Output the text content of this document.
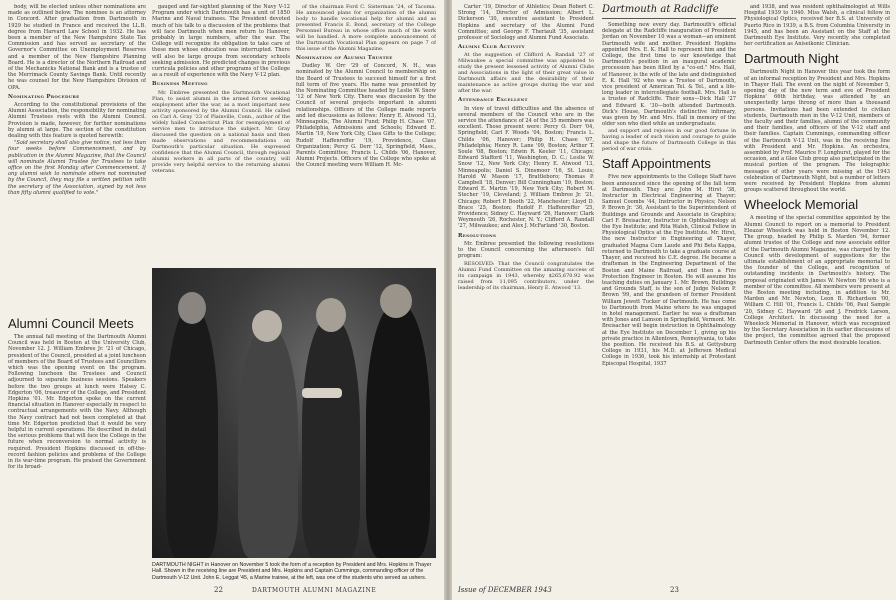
body, will be elected unless other nominations are made as outlined below. The nominee is an attorney in Concord. After graduation from Dartmouth in 1929 he studied in France and received the LL.B. degree from Harvard Law School in 1932. He has been a member of the New Hampshire State Tax Commission and has served as secretary of the Governor's Committee on Unemployment Reserves and a member of the New Hampshire Planning Board. He is a director of the Northern Railroad and of the Mechanicks National Bank and is a trustee of the Merrimack County Savings Bank. Until recently he was counsel for the New Hampshire Division of OPA.

Nominating Procedure

According to the constitutional provisions of the Alumni Association, the responsibility for nominating Alumni Trustees rests with the Alumni Council. Provision is made, however, for further nominations by alumni at large. The section of the constitution dealing with this feature is quoted herewith:

"Said secretary shall also give notice, not less than four weeks before Commencement, and by publication in the Alumni Magazine, that the Council will nominate Alumni Trustee for Trustees to take office on the first Monday after Commencement. If any alumni wish to nominate others not nominated by the Council, they may file a written petition with the secretary of the Association, signed by not less than fifty alumni qualified to vote."

Alumni Council Meets

The annual fall meeting of the Dartmouth Alumni Council was held in Boston at the University Club, November 12. J. William Embree Jr. '21 of Chicago, president of the Council, presided at a joint luncheon of members of the Board of Trustees and Councillors which was the opening event on the program. Following luncheon the Trustees and Council adjourned to separate business sessions. Speakers before the two groups at lunch were Halsey C. Edgerton '06, treasurer of the College, and President Hopkins '01. Mr. Edgerton spoke on the current financial situation in Hanover especially in respect to contractual arrangements with the Navy. Although the Navy contract had not been completed at that time Mr. Edgerton predicted that it would be very helpful in current operations. He described in detail the serious problems that will face the College in the future when reconversion to normal activity is required. President Hopkins discussed in off-the-record fashion policies and problems of the College in its war-time program. He praised the Government for its broad-

gauged and far-sighted planning of the Navy V-12 Program under which Dartmouth has a unit of 1850 Marine and Naval trainees. The President devoted much of his talk to a discussion of the problems that will face Dartmouth when men return to Hanover, probably in large numbers, after the war. The College will recognize its obligation to take care of these men whose education was interrupted. There will also be large groups from secondary schools seeking admission. He predicted changes in previous curricula policies and other programs of the College as a result of experience with the Navy V-12 plan.

Business Meeting

Mr. Embree presented the Dartmouth Vocational Plan, to assist alumni in the armed forces seeking employment after the war, as a most important new activity sponsored by the Alumni Council. He called on Carl A. Gray '23 of Plainville, Conn., author of the widely hailed Connecticut Plan for reemployment of service men to introduce the subject. Mr. Gray discussed the question on a national basis and then made observations and recommendations on Dartmouth's particular situation. He expressed confidence that the Alumni Council, through regional alumni workers in all parts of the country, will provide very helpful service to the returning alumni veterans.

of the chairman Ford C. Sisterman '24, of Tacoma. He announced plans for organization of the alumni body to handle vocational help for alumni and as presented Francis E. Bond, secretary of the College Personnel Bureau in whose office much of the work will be handled. A more complete announcement of the Dartmouth Vocational Plan appears on page 7 of this issue of the Alumni Magazine.

Nomination of Alumni Trustee

Dudley W. Orr '29 of Concord, N. H., was nominated by the Alumni Council to membership on the Board of Trustees to succeed himself for a first full term of five years. His name was presented by the Nominating Committee headed by Leslie W. Snow '12 of New York City. There was discussion by the Council of several projects important in alumni relationships. Officers of the College made reports and led discussions as follows: Henry E. Atwood '13, Minneapolis, The Alumni Fund; Philip H. Chase '07, Philadelphia, Admissions and Schools; Edward E. Martin '19, New York City, Class Gifts to the College; Rudolf Haffenreffer '19, Providence, Class Organization; Percy G. Derr '12, Springfield, Mass., Parents Committee; Francis L. Childs '06, Hanover, Alumni Projects. Officers of the College who spoke at the Council meeting were William H. Mc-

DARTMOUTH NIGHT in Hanover on November 5 took the form of a reception by President and Mrs. Hopkins in Thayer Hall. Shown in the receiving line are President and Mrs. Hopkins and Captain Cummings, commanding officer of the Dartmouth V-12 Unit. John E. Leggat '45, a Marine trainee, at the left, was one of the students who served as ushers.
22	DARTMOUTH ALUMNI MAGAZINE

Carter '19, Director of Athletics; Dean Robert C. Strong '14, Director of Admission; Albert L. Dickerson '30, executive assistant to President Hopkins and secretary of the Alumni Fund Committee; and George F. Theriault '35, assistant professor of Sociology and Alumni Fund Associate.

Alumni Club Activity

At the suggestion of Clifford A. Randall '27 of Milwaukee a special committee was appointed to study the present lessened activity of Alumni Clubs and Associations in the light of their great value in Dartmouth affairs and the desirability of their maintenance as active groups during the war and after the war.

Attendance Excellent

In view of travel difficulties and the absence of several members of the Council who are in the service the attendance of 24 of the 35 members was excellent. Those present were: Percy O. Dorr '04, Springfield; Carl F. Woods '04, Boston; Francis L. Childs '06, Hanover; Philip H. Chase '07, Philadelphia; Henry R. Lane '09, Boston; Arthur T. Soule '08, Boston; Edwin R. Keeler '11, Chicago; Edward Stafford '11, Washington, D. C.; Leslie W. Snow '12, New York City; Henry E. Atwood '13, Minneapolis; Daniel S. Dinsmoor '16, St. Louis; Harold W. Mason '17, Brattleboro; Thomas P. Campbell '18, Denver; Bill Cunningham '19, Boston; Edward E. Martin '19, New York City; Robert M. Stecher '19, Cleveland; J. William Embree Jr. '21, Chicago; Robert P. Booth '22, Manchester; Lloyd D. Brace '25, Boston; Rudolf F. Haffenreffer '25, Providence; Sidney C. Hayward '26, Hanover; Clark Weymouth '26, Rochester, N. Y.; Clifford A. Randall '27, Milwaukee; and Alex J. McFarland '30, Boston.

Resolutions

Mr. Embree presented the following resolutions to the Council concerning the afternoon's full program:

RESOLVED: That the Council congratulates the Alumni Fund Committee on the amazing success of its campaign in 1943, whereby $265,670.92 was raised from 11,095 contributors, under the leadership of its chairman, Henry E. Atwood '13.

Dartmouth at Radcliffe

Something new every day. Dartmouth's official delegate at the Radcliffe inauguration of President Jordan on November 10 was a woman—an eminent Dartmouth wife and mother. President Hopkins appointed Mrs. E. K. Hall to represent him and the College, the first time to our knowledge that Dartmouth's position in an inaugural academic procession has been filled by a "co-ed." Mrs. Hall, of Hanover, is the wife of the late and distinguished E. K. Hall '92 who was a Trustee of Dartmouth, vice president of American Tel. & Tel., and a life-long leader in intercollegiate football. Mrs. Hall is a trustee of Radcliffe. Their sons—Dick Hall '27 and Edward K. '30—both attended Dartmouth. Dick's House, Dartmouth's distinctive infirmary, was given by Mr. and Mrs. Hall in memory of the older son who died while an undergraduate.

and support and rejoices in our good fortune in having a leader of such vision and courage to guide and shape the future of Dartmouth College in this period of war crisis.

Staff Appointments

Five new appointments to the College Staff have been announced since the opening of the fall term at Dartmouth. They are: John M. Hirst '38, Instructor in Electrical Engineering at Thayer; Samuel Coombs '44, Instructor in Physics; Nelson P. Brown Jr. '36, Assistant to the Superintendent of Buildings and Grounds and Associate in Graphics; Carl F. Breisacher, Instructor in Ophthalmology at the Eye Institute; and Rita Walsh, Clinical Fellow in Physiological Optics at the Eye Institute. Mr. Hirst, the new Instructor in Engineering at Thayer, graduated Magna Cum Laude and Phi Beta Kappa, returned to Dartmouth to take a graduate course at Thayer, and received his C.E. degree. He became a draftsman in the Engineering Department of the Boston and Maine Railroad, and then a Fire Protection Engineer in Boston. He will assume his teaching duties on January 1. Mr. Brown, Buildings and Grounds Staff, is the son of Judge Nelson P. Brown '99, and the grandson of former President William Jewett Tucker of Dartmouth. He has come to Dartmouth from Maine where he was engaged in hotel management. Earlier he was a draftsman with Jones and Lamson in Springfield, Vermont. Mr. Breisacher will begin instruction in Ophthalmology at the Eye Institute on December 1, giving up his private practice in Allentown, Pennsylvania, to take the position. He received his B.S. at Gettysburg College in 1931, his M.D. at Jefferson Medical College in 1936, took his internship at Protestant Episcopal Hospital, 1937

and 1938, and was resident ophthalmologist at Wills Hospital 1939 to 1940. Miss Walsh, a clinical fellow in Physiological Optics, received her B.S. at University of Puerto Rico in 1939, a B.S. from Columbia University in 1945, and has been an Assistant on the Staff at the Dartmouth Eye Institute. Very recently she completed her certification as Aniseikonic Clinician.

Dartmouth Night

Dartmouth Night in Hanover this year took the form of an informal reception by President and Mrs. Hopkins in Thayer Hall. The event on the night of November 5, opening day of the new term and eve of President Hopkins' 66th birthday, was attended by an unexpectedly large throng of more than a thousand persons. Invitations had been extended to civilian students, Dartmouth men in the V-12 Unit, members of the faculty and their families, alumni of the community and their families, and officers of the V-12 staff and their families. Captain Cummings, commanding officer of the Dartmouth V-12 Unit, was in the receiving line with President and Mr. Hopkins. An orchestra, assembled by Prof. Maurice F. Longhurst, played for the occasion, and a Glee Club group also participated in the musical portion of the program. The telegraphic messages of other years were missing at the 1943 celebration of Dartmouth Night, but a number of letters were received by President Hopkins from alumni groups scattered throughout the world.

Wheelock Memorial

A meeting of the special committee appointed by the Alumni Council to report on a memorial to President Eleazar Wheelock was held in Boston November 12. The group, headed by Philip S. Marden '94, former alumni trustee of the College and now associate editor of the Dartmouth Alumni Magazine, was charged by the Council with development of suggestions for the ultimate establishment of an appropriate memorial to the founder of the College, and recognition of outstanding incidents in Dartmouth's history. The proposal originated with James W. Newton '86 who is a member of the committee. All members were present at the Boston meeting including, in addition to Mr. Marden and Mr. Newton, Leon B. Richardson '00, William C. Hill '01, Francis L. Childs '06, Paul Sample '20, Sidney C. Hayward '26 and J. Fredrick Larson, College Architect. In discussing the need for a Wheelock Memorial in Hanover, which was recognized by the Secretary Association in its earlier discussions of the project, the committee agreed that the proposed Dartmouth Center offers the most desirable location.

Issue of DECEMBER 1943	23
